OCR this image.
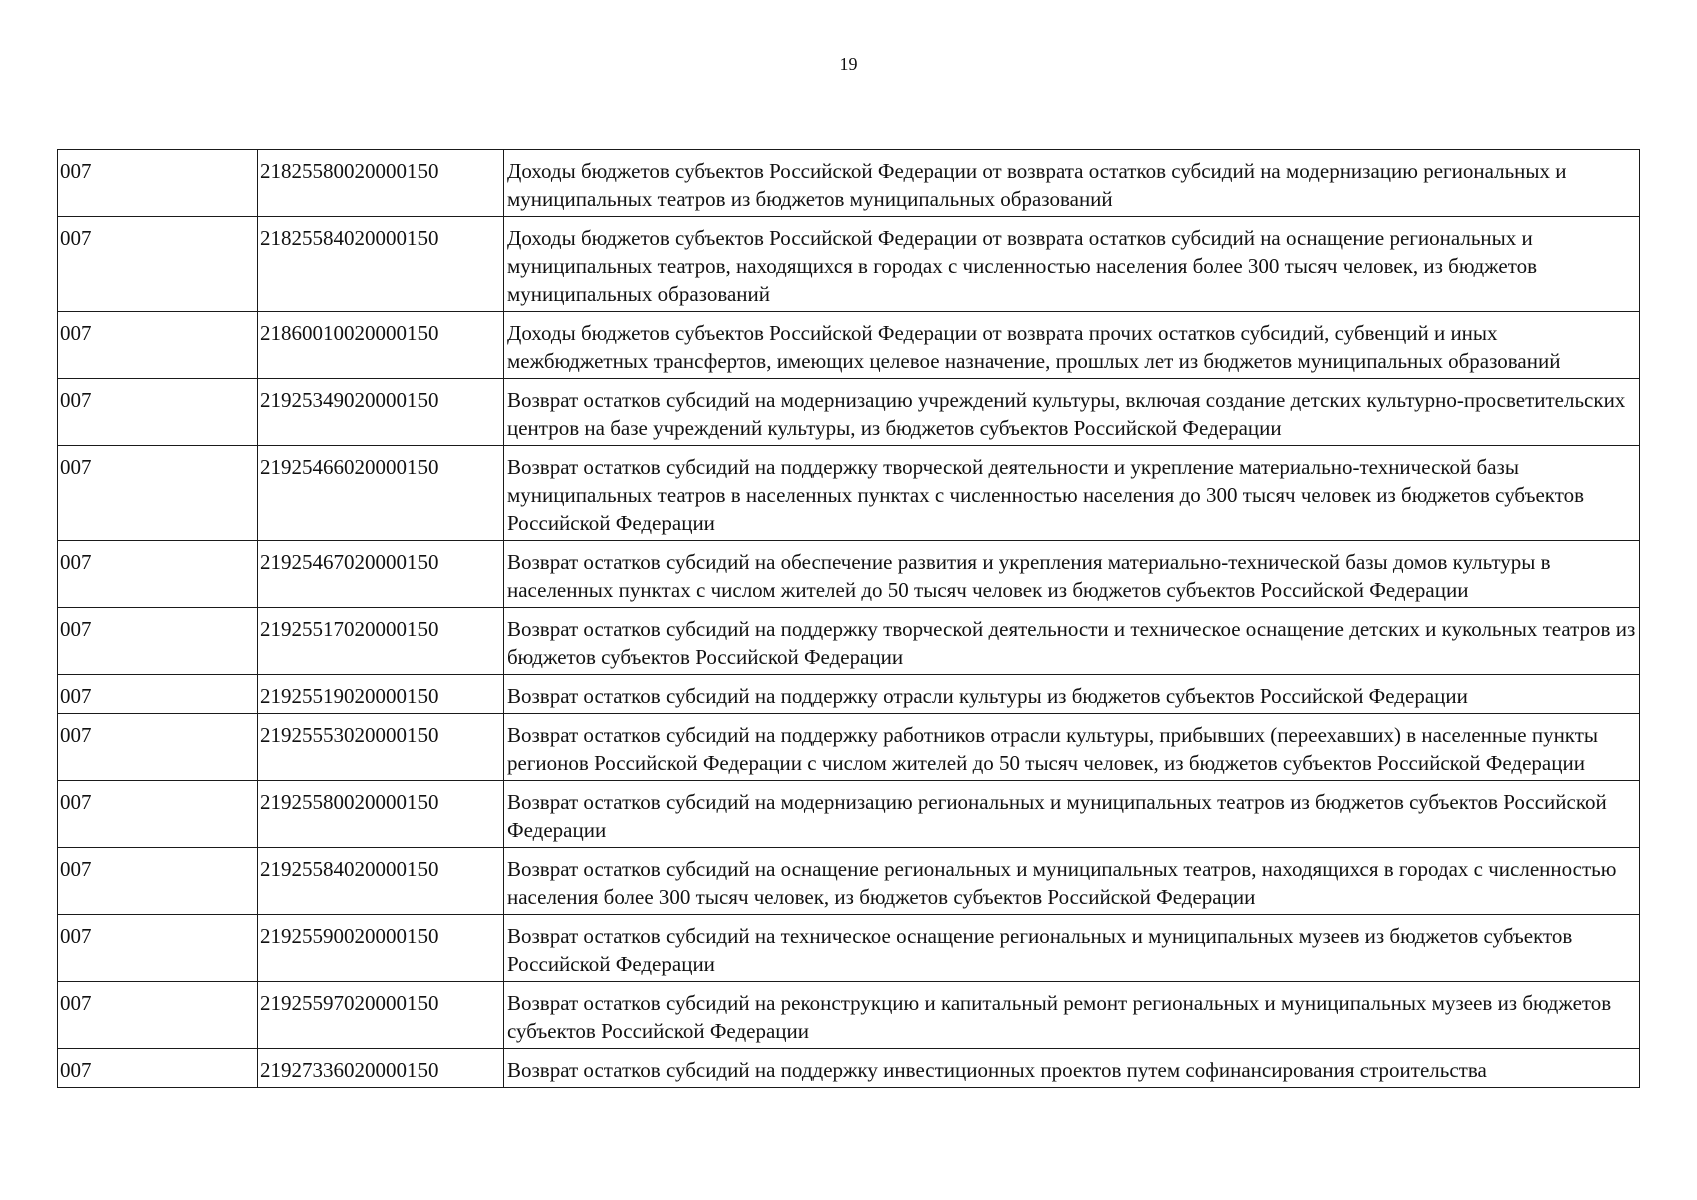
19
007	21825580020000150	Доходы бюджетов субъектов Российской Федерации от возврата остатков субсидий на модернизацию региональных и муниципальных театров из бюджетов муниципальных образований
007	21825584020000150	Доходы бюджетов субъектов Российской Федерации от возврата остатков субсидий на оснащение региональных и муниципальных театров, находящихся в городах с численностью населения более 300 тысяч человек, из бюджетов муниципальных образований
007	21860010020000150	Доходы бюджетов субъектов Российской Федерации от возврата прочих остатков субсидий, субвенций и иных межбюджетных трансфертов, имеющих целевое назначение, прошлых лет из бюджетов муниципальных образований
007	21925349020000150	Возврат остатков субсидий на модернизацию учреждений культуры, включая создание детских культурно-просветительских центров на базе учреждений культуры, из бюджетов субъектов Российской Федерации
007	21925466020000150	Возврат остатков субсидий на поддержку творческой деятельности и укрепление материально-технической базы муниципальных театров в населенных пунктах с численностью населения до 300 тысяч человек из бюджетов субъектов Российской Федерации
007	21925467020000150	Возврат остатков субсидий на обеспечение развития и укрепления материально-технической базы домов культуры в населенных пунктах с числом жителей до 50 тысяч человек из бюджетов субъектов Российской Федерации
007	21925517020000150	Возврат остатков субсидий на поддержку творческой деятельности и техническое оснащение детских и кукольных театров из бюджетов субъектов Российской Федерации
007	21925519020000150	Возврат остатков субсидий на поддержку отрасли культуры из бюджетов субъектов Российской Федерации
007	21925553020000150	Возврат остатков субсидий на поддержку работников отрасли культуры, прибывших (переехавших) в населенные пункты регионов Российской Федерации с числом жителей до 50 тысяч человек, из бюджетов субъектов Российской Федерации
007	21925580020000150	Возврат остатков субсидий на модернизацию региональных и муниципальных театров из бюджетов субъектов Российской Федерации
007	21925584020000150	Возврат остатков субсидий на оснащение региональных и муниципальных театров, находящихся в городах с численностью населения более 300 тысяч человек, из бюджетов субъектов Российской Федерации
007	21925590020000150	Возврат остатков субсидий на техническое оснащение региональных и муниципальных музеев из бюджетов субъектов Российской Федерации
007	21925597020000150	Возврат остатков субсидий на реконструкцию и капитальный ремонт региональных и муниципальных музеев из бюджетов субъектов Российской Федерации
007	21927336020000150	Возврат остатков субсидий на поддержку инвестиционных проектов путем софинансирования строительства
